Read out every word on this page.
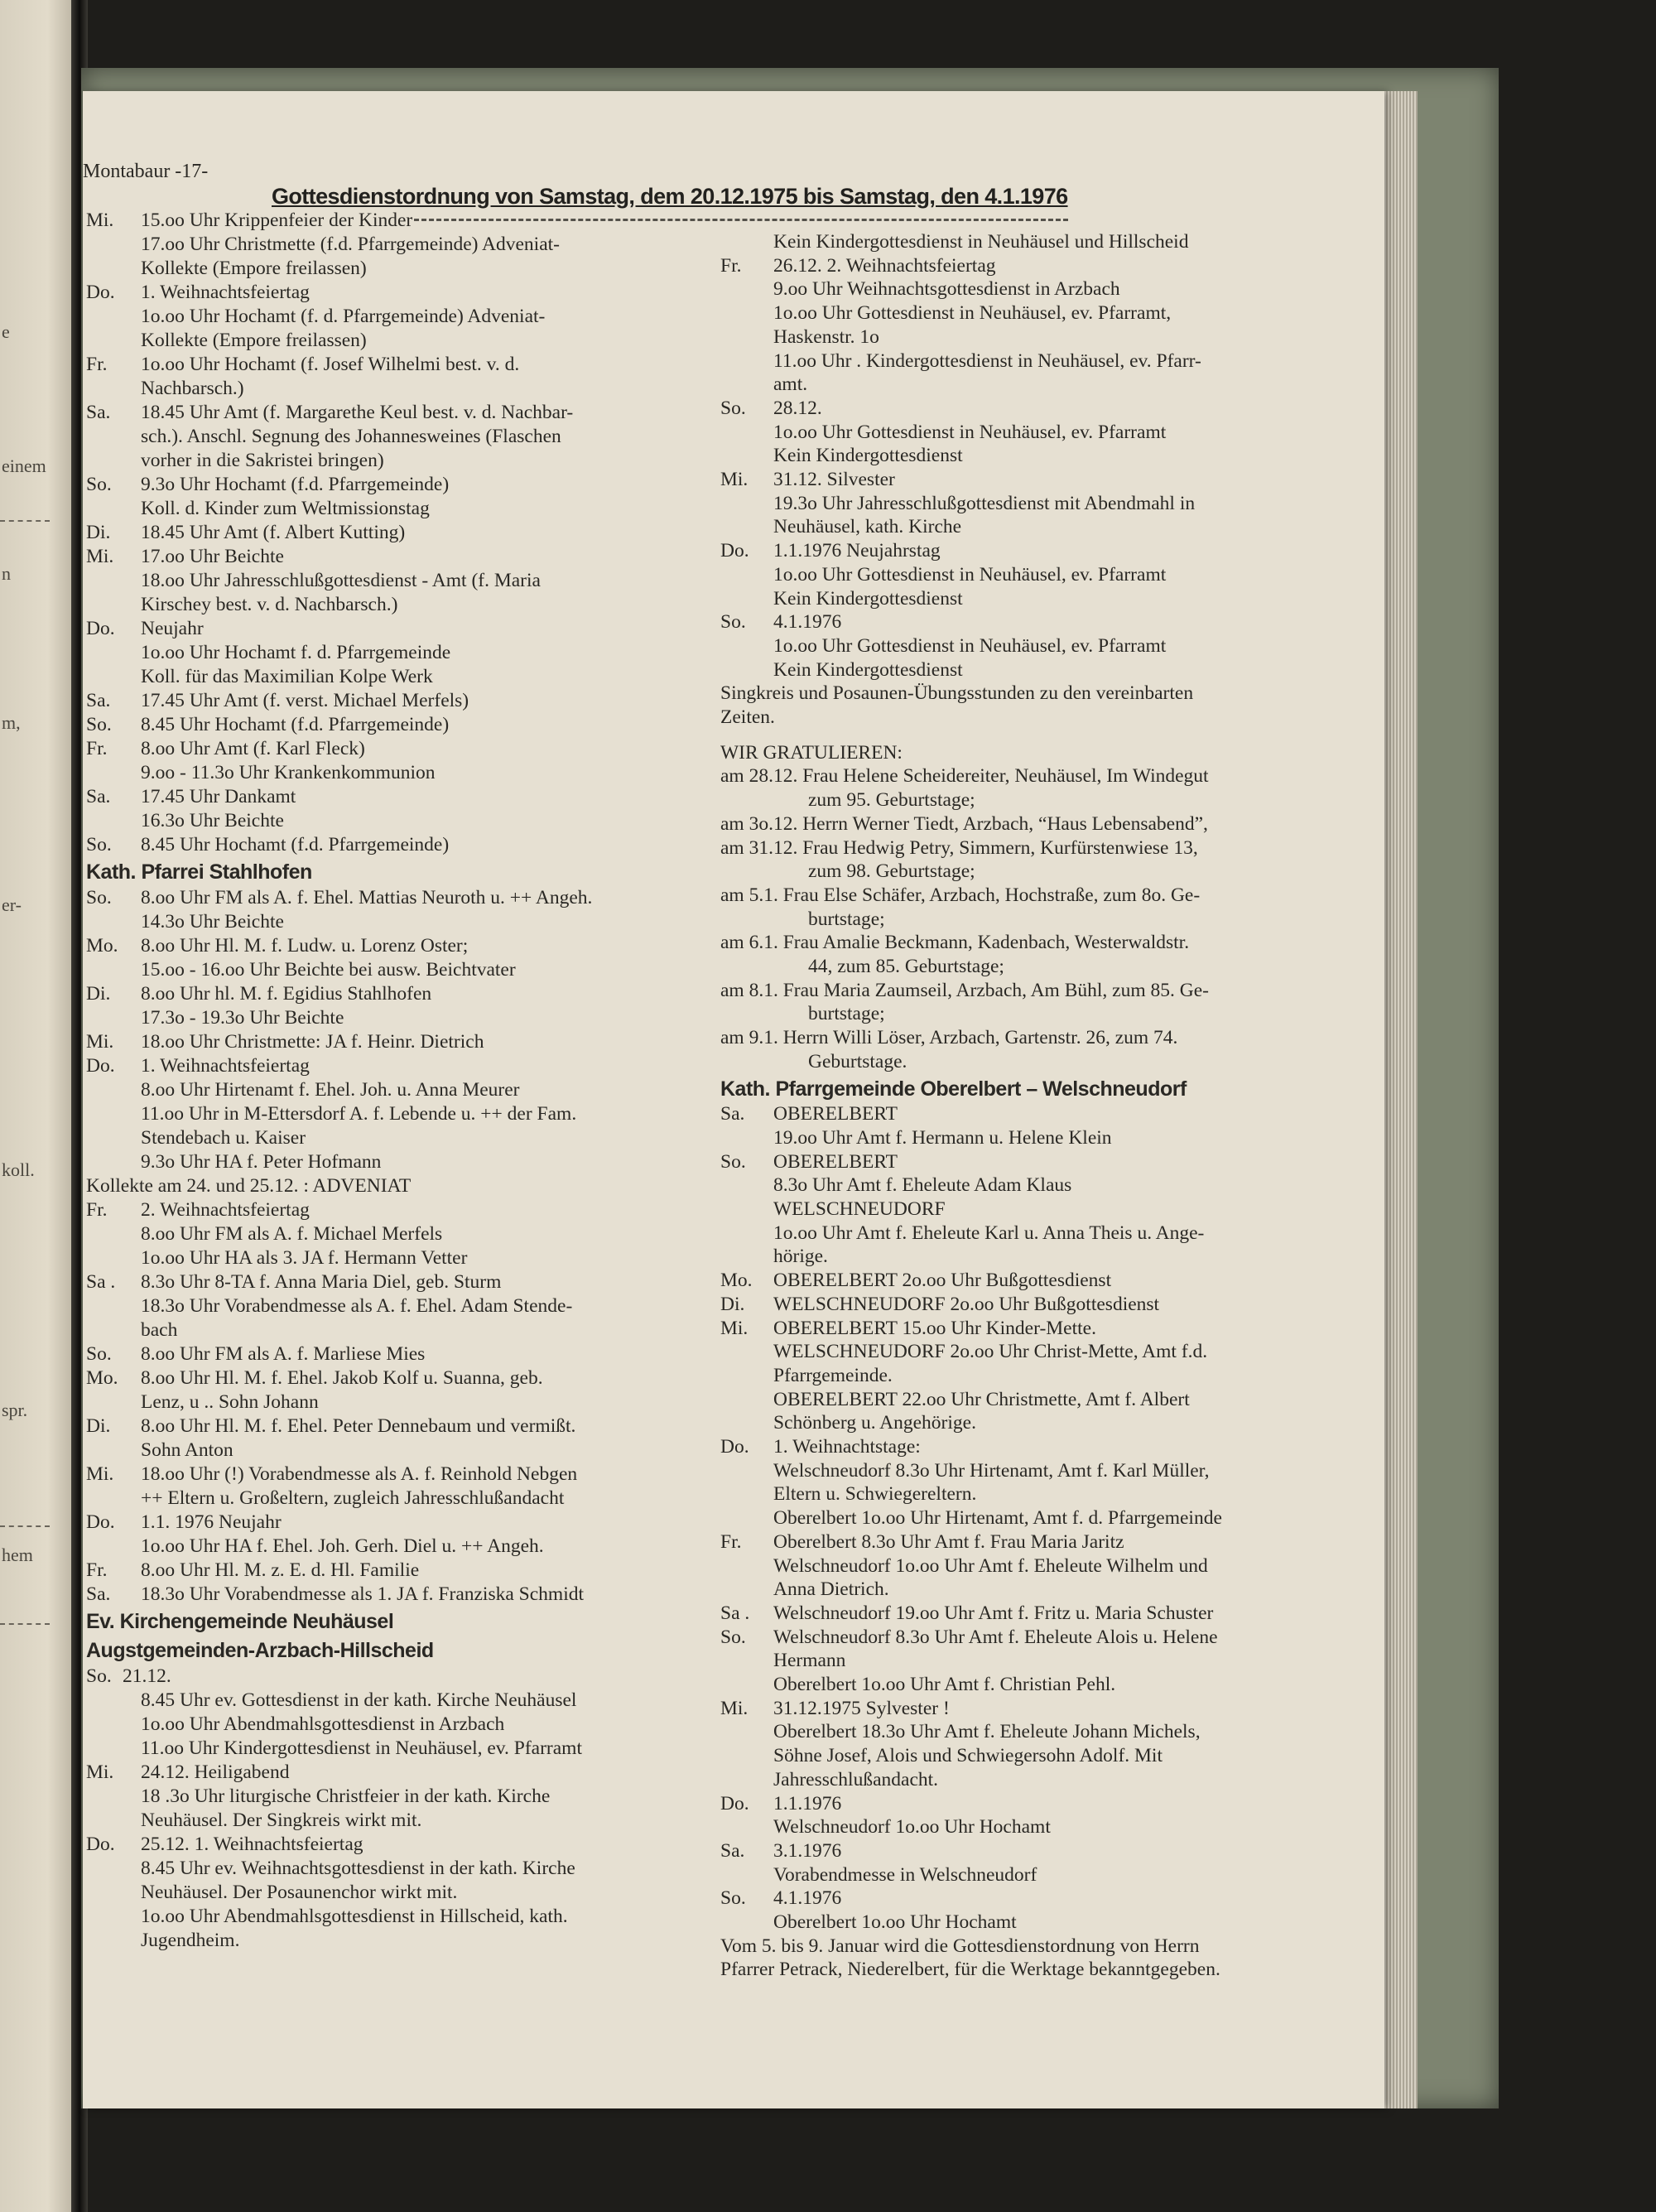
e
einem
n
m,
er-
koll.
spr.
hem
Montabaur -17-
Gottesdienstordnung von Samstag, dem 20.12.1975 bis Samstag, den 4.1.1976
Mi. 15.oo Uhr Krippenfeier der Kinder
17.oo Uhr Christmette (f.d. Pfarrgemeinde) Adveniat-
Kollekte (Empore freilassen)
Do. 1. Weihnachtsfeiertag
1o.oo Uhr Hochamt (f. d. Pfarrgemeinde) Adveniat-
Kollekte (Empore freilassen)
Fr. 1o.oo Uhr Hochamt (f. Josef Wilhelmi best. v. d.
Nachbarsch.)
Sa. 18.45 Uhr Amt (f. Margarethe Keul best. v. d. Nachbar-
sch.). Anschl. Segnung des Johannesweines (Flaschen
vorher in die Sakristei bringen)
So. 9.3o Uhr Hochamt (f.d. Pfarrgemeinde)
Koll. d. Kinder zum Weltmissionstag
Di. 18.45 Uhr Amt (f. Albert Kutting)
Mi. 17.oo Uhr Beichte
18.oo Uhr Jahresschlußgottesdienst - Amt (f. Maria
Kirschey best. v. d. Nachbarsch.)
Do. Neujahr
1o.oo Uhr Hochamt f. d. Pfarrgemeinde
Koll. für das Maximilian Kolpe Werk
Sa. 17.45 Uhr Amt (f. verst. Michael Merfels)
So. 8.45 Uhr Hochamt (f.d. Pfarrgemeinde)
Fr. 8.oo Uhr Amt (f. Karl Fleck)
9.oo - 11.3o Uhr Krankenkommunion
Sa. 17.45 Uhr Dankamt
16.3o Uhr Beichte
So. 8.45 Uhr Hochamt (f.d. Pfarrgemeinde)
Kath. Pfarrei Stahlhofen
So. 8.oo Uhr FM als A. f. Ehel. Mattias Neuroth u. ++ Angeh.
14.3o Uhr Beichte
Mo. 8.oo Uhr Hl. M. f. Ludw. u. Lorenz Oster;
15.oo - 16.oo Uhr Beichte bei ausw. Beichtvater
Di. 8.oo Uhr hl. M. f. Egidius Stahlhofen
17.3o - 19.3o Uhr Beichte
Mi. 18.oo Uhr Christmette: JA f. Heinr. Dietrich
Do. 1. Weihnachtsfeiertag
8.oo Uhr Hirtenamt f. Ehel. Joh. u. Anna Meurer
11.oo Uhr in M-Ettersdorf A. f. Lebende u. ++ der Fam.
Stendebach u. Kaiser
9.3o Uhr HA f. Peter Hofmann
Kollekte am 24. und 25.12. : ADVENIAT
Fr. 2. Weihnachtsfeiertag
8.oo Uhr FM als A. f. Michael Merfels
1o.oo Uhr HA als 3. JA f. Hermann Vetter
Sa . 8.3o Uhr 8-TA f. Anna Maria Diel, geb. Sturm
18.3o Uhr Vorabendmesse als A. f. Ehel. Adam Stende-
bach
So. 8.oo Uhr FM als A. f. Marliese Mies
Mo. 8.oo Uhr Hl. M. f. Ehel. Jakob Kolf u. Suanna, geb.
Lenz, u .. Sohn Johann
Di. 8.oo Uhr Hl. M. f. Ehel. Peter Dennebaum und vermißt.
Sohn Anton
Mi. 18.oo Uhr (!) Vorabendmesse als A. f. Reinhold Nebgen
++ Eltern u. Großeltern, zugleich Jahresschlußandacht
Do. 1.1. 1976 Neujahr
1o.oo Uhr HA f. Ehel. Joh. Gerh. Diel u. ++ Angeh.
Fr. 8.oo Uhr Hl. M. z. E. d. Hl. Familie
Sa. 18.3o Uhr Vorabendmesse als 1. JA f. Franziska Schmidt
Ev. Kirchengemeinde Neuhäusel
Augstgemeinden-Arzbach-Hillscheid
So. 21.12.
8.45 Uhr ev. Gottesdienst in der kath. Kirche Neuhäusel
1o.oo Uhr Abendmahlsgottesdienst in Arzbach
11.oo Uhr Kindergottesdienst in Neuhäusel, ev. Pfarramt
Mi. 24.12. Heiligabend
18 .3o Uhr liturgische Christfeier in der kath. Kirche
Neuhäusel. Der Singkreis wirkt mit.
Do. 25.12. 1. Weihnachtsfeiertag
8.45 Uhr ev. Weihnachtsgottesdienst in der kath. Kirche
Neuhäusel. Der Posaunenchor wirkt mit.
1o.oo Uhr Abendmahlsgottesdienst in Hillscheid, kath.
Jugendheim.
Kein Kindergottesdienst in Neuhäusel und Hillscheid
Fr. 26.12. 2. Weihnachtsfeiertag
9.oo Uhr Weihnachtsgottesdienst in Arzbach
1o.oo Uhr Gottesdienst in Neuhäusel, ev. Pfarramt,
Haskenstr. 1o
11.oo Uhr . Kindergottesdienst in Neuhäusel, ev. Pfarr-
amt.
So. 28.12.
1o.oo Uhr Gottesdienst in Neuhäusel, ev. Pfarramt
Kein Kindergottesdienst
Mi. 31.12. Silvester
19.3o Uhr Jahresschlußgottesdienst mit Abendmahl in
Neuhäusel, kath. Kirche
Do. 1.1.1976 Neujahrstag
1o.oo Uhr Gottesdienst in Neuhäusel, ev. Pfarramt
Kein Kindergottesdienst
So. 4.1.1976
1o.oo Uhr Gottesdienst in Neuhäusel, ev. Pfarramt
Kein Kindergottesdienst
Singkreis und Posaunen-Übungsstunden zu den vereinbarten
Zeiten.
WIR GRATULIEREN:
am 28.12. Frau Helene Scheidereiter, Neuhäusel, Im Windegut
zum 95. Geburtstage;
am 3o.12. Herrn Werner Tiedt, Arzbach, “Haus Lebensabend”,
am 31.12. Frau Hedwig Petry, Simmern, Kurfürstenwiese 13,
zum 98. Geburtstage;
am 5.1. Frau Else Schäfer, Arzbach, Hochstraße, zum 8o. Ge-
burtstage;
am 6.1. Frau Amalie Beckmann, Kadenbach, Westerwaldstr.
44, zum 85. Geburtstage;
am 8.1. Frau Maria Zaumseil, Arzbach, Am Bühl, zum 85. Ge-
burtstage;
am 9.1. Herrn Willi Löser, Arzbach, Gartenstr. 26, zum 74.
Geburtstage.
Kath. Pfarrgemeinde Oberelbert – Welschneudorf
Sa. OBERELBERT
19.oo Uhr Amt f. Hermann u. Helene Klein
So. OBERELBERT
8.3o Uhr Amt f. Eheleute Adam Klaus
WELSCHNEUDORF
1o.oo Uhr Amt f. Eheleute Karl u. Anna Theis u. Ange-
hörige.
Mo. OBERELBERT 2o.oo Uhr Bußgottesdienst
Di. WELSCHNEUDORF 2o.oo Uhr Bußgottesdienst
Mi. OBERELBERT 15.oo Uhr Kinder-Mette.
WELSCHNEUDORF 2o.oo Uhr Christ-Mette, Amt f.d.
Pfarrgemeinde.
OBERELBERT 22.oo Uhr Christmette, Amt f. Albert
Schönberg u. Angehörige.
Do. 1. Weihnachtstage:
Welschneudorf 8.3o Uhr Hirtenamt, Amt f. Karl Müller,
Eltern u. Schwiegereltern.
Oberelbert 1o.oo Uhr Hirtenamt, Amt f. d. Pfarrgemeinde
Fr. Oberelbert 8.3o Uhr Amt f. Frau Maria Jaritz
Welschneudorf 1o.oo Uhr Amt f. Eheleute Wilhelm und
Anna Dietrich.
Sa . Welschneudorf 19.oo Uhr Amt f. Fritz u. Maria Schuster
So. Welschneudorf 8.3o Uhr Amt f. Eheleute Alois u. Helene
Hermann
Oberelbert 1o.oo Uhr Amt f. Christian Pehl.
Mi. 31.12.1975 Sylvester !
Oberelbert 18.3o Uhr Amt f. Eheleute Johann Michels,
Söhne Josef, Alois und Schwiegersohn Adolf. Mit
Jahresschlußandacht.
Do. 1.1.1976
Welschneudorf 1o.oo Uhr Hochamt
Sa. 3.1.1976
Vorabendmesse in Welschneudorf
So. 4.1.1976
Oberelbert 1o.oo Uhr Hochamt
Vom 5. bis 9. Januar wird die Gottesdienstordnung von Herrn
Pfarrer Petrack, Niederelbert, für die Werktage bekanntgegeben.
